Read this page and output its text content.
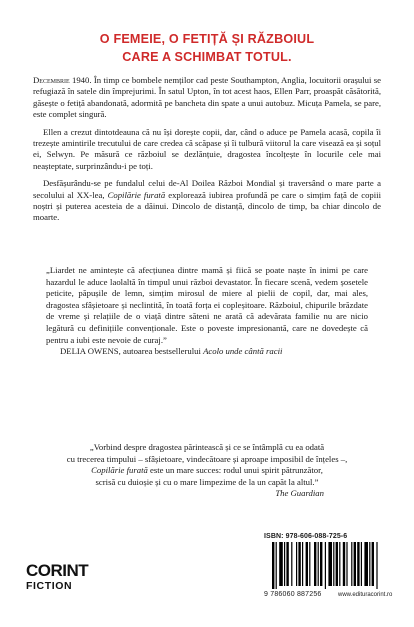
O FEMEIE, O FETIȚĂ ȘI RĂZBOIUL
CARE A SCHIMBAT TOTUL.

Decembrie 1940. În timp ce bombele nemților cad peste Southampton, Anglia, locuitorii orașului se refugiază în satele din împrejurimi. În satul Upton, în tot acest haos, Ellen Parr, proaspăt căsătorită, găsește o fetiță abandonată, adormită pe bancheta din spate a unui autobuz. Micuța Pamela, se pare, este complet singură.

Ellen a crezut dintotdeauna că nu își dorește copii, dar, când o aduce pe Pamela acasă, copila îi trezește amintirile trecutului de care credea că scăpase și îi tulbură viitorul la care visează ea și soțul ei, Selwyn. Pe măsură ce războiul se dezlănțuie, dragostea încolțește în locurile cele mai neașteptate, surprinzându-i pe toți.

Desfășurându-se pe fundalul celui de-Al Doilea Război Mondial și traversând o mare parte a secolului al XX-lea, Copilărie furată explorează iubirea profundă pe care o simțim față de copiii noștri și puterea acesteia de a dăinui. Dincolo de distanță, dincolo de timp, ba chiar dincolo de moarte.

„Liardet ne amintește că afecțiunea dintre mamă și fiică se poate naște în inimi pe care hazardul le aduce laolaltă în timpul unui război devastator. În fiecare scenă, vedem șosetele peticite, păpușile de lemn, simțim mirosul de miere al pielii de copil, dar, mai ales, dragostea sfâșietoare și neclintită, în toată forța ei copleșitoare. Războiul, chipurile brăzdate de vreme și relațiile de o viață dintre săteni ne arată că adevărata familie nu are nicio legătură cu definițiile convenționale. Este o poveste impresionantă, care ne dovedește că pentru a iubi este nevoie de curaj.”

DELIA OWENS, autoarea bestsellerului Acolo unde cântă racii

„Vorbind despre dragostea părintească și ce se întâmplă cu ea odată

cu trecerea timpului – sfâșietoare, vindecătoare și aproape imposibil de înțeles –,

Copilărie furată este un mare succes: rodul unui spirit pătrunzător,

scrisă cu duioșie și cu o mare limpezime de la un capăt la altul.”

The Guardian

CORINT
FICTION
ISBN: 978-606-088-725-6
9 786060 887256	www.edituracorint.ro
